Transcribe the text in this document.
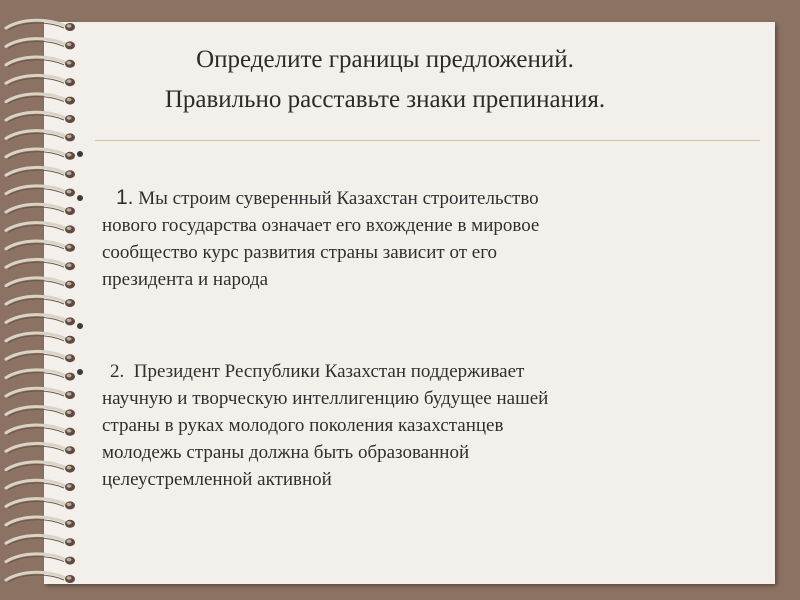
Определите границы предложений.
Правильно расставьте знаки препинания.
1. Мы строим суверенный Казахстан строительство
нового государства означает его вхождение в мировое
сообщество курс развития страны зависит от его
президента и народа
2. Президент Республики Казахстан поддерживает
научную и творческую интеллигенцию будущее нашей
страны в руках молодого поколения казахстанцев
молодежь страны должна быть образованной
целеустремленной активной
